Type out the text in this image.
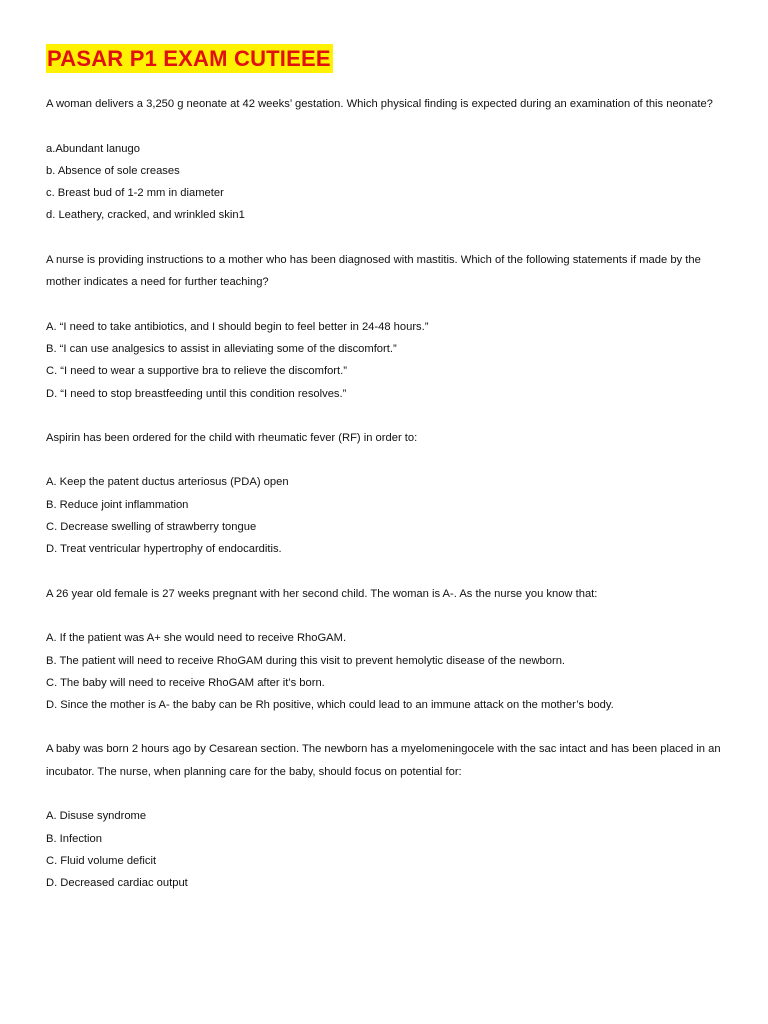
PASAR P1 EXAM CUTIEEE

A woman delivers a 3,250 g neonate at 42 weeks’ gestation. Which physical finding is expected during an examination of this neonate?

a.Abundant lanugo
b. Absence of sole creases
c. Breast bud of 1-2 mm in diameter
d. Leathery, cracked, and wrinkled skin1

A nurse is providing instructions to a mother who has been diagnosed with mastitis. Which of the following statements if made by the mother indicates a need for further teaching?

A. “I need to take antibiotics, and I should begin to feel better in 24-48 hours.”
B. “I can use analgesics to assist in alleviating some of the discomfort.”
C. “I need to wear a supportive bra to relieve the discomfort.”
D. “I need to stop breastfeeding until this condition resolves.”

Aspirin has been ordered for the child with rheumatic fever (RF) in order to:

A. Keep the patent ductus arteriosus (PDA) open
B. Reduce joint inflammation
C. Decrease swelling of strawberry tongue
D. Treat ventricular hypertrophy of endocarditis.

A 26 year old female is 27 weeks pregnant with her second child. The woman is A-. As the nurse you know that:

A. If the patient was A+ she would need to receive RhoGAM.
B. The patient will need to receive RhoGAM during this visit to prevent hemolytic disease of the newborn.
C. The baby will need to receive RhoGAM after it’s born.
D. Since the mother is A- the baby can be Rh positive, which could lead to an immune attack on the mother’s body.

A baby was born 2 hours ago by Cesarean section. The newborn has a myelomeningocele with the sac intact and has been placed in an incubator. The nurse, when planning care for the baby, should focus on potential for:

A. Disuse syndrome
B. Infection
C. Fluid volume deficit
D. Decreased cardiac output
